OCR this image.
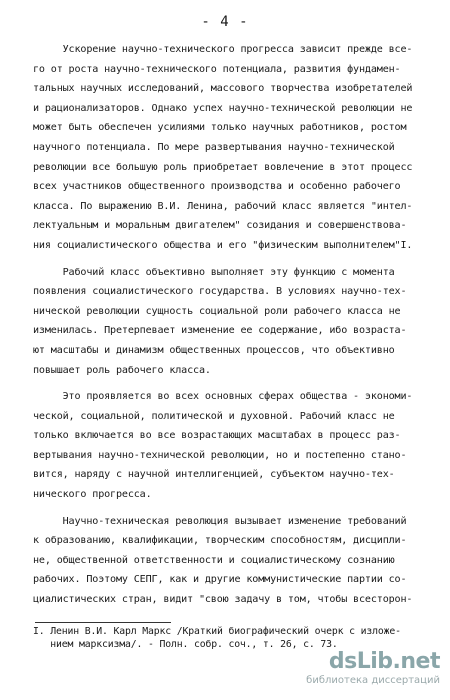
- 4 -
Ускорение научно-технического прогресса зависит прежде все-
го от роста научно-технического потенциала, развития фундамен-
тальных научных исследований, массового творчества изобретателей
и рационализаторов. Однако успех научно-технической революции не
может быть обеспечен усилиями только научных работников, ростом
научного потенциала. По мере развертывания научно-технической
революции все большую роль приобретает вовлечение в этот процесс
всех участников общественного производства и особенно рабочего
класса. По выражению В.И. Ленина, рабочий класс является "интел-
лектуальным и моральным двигателем" созидания и совершенствова-
ния социалистического общества и его "физическим выполнителем"I.
Рабочий класс объективно выполняет эту функцию с момента
появления социалистического государства. В условиях научно-тех-
нической революции сущность социальной роли рабочего класса не
изменилась. Претерпевает изменение ее содержание, ибо возраста-
ют масштабы и динамизм общественных процессов, что объективно
повышает роль рабочего класса.
Это проявляется во всех основных сферах общества - экономи-
ческой, социальной, политической и духовной. Рабочий класс не
только включается во все возрастающих масштабах в процесс раз-
вертывания научно-технической революции, но и постепенно стано-
вится, наряду с научной интеллигенцией, субъектом научно-тех-
нического прогресса.
Научно-техническая революция вызывает изменение требований
к образованию, квалификации, творческим способностям, дисципли-
не, общественной ответственности и социалистическому сознанию
рабочих. Поэтому СЕПГ, как и другие коммунистические партии со-
циалистических стран, видит "свою задачу в том, чтобы всесторон-
I. Ленин В.И. Карл Маркс /Краткий биографический очерк с изложе-
нием марксизма/. - Полн. собр. соч., т. 26, с. 73.
dsLib.net
библиотека диссертаций
